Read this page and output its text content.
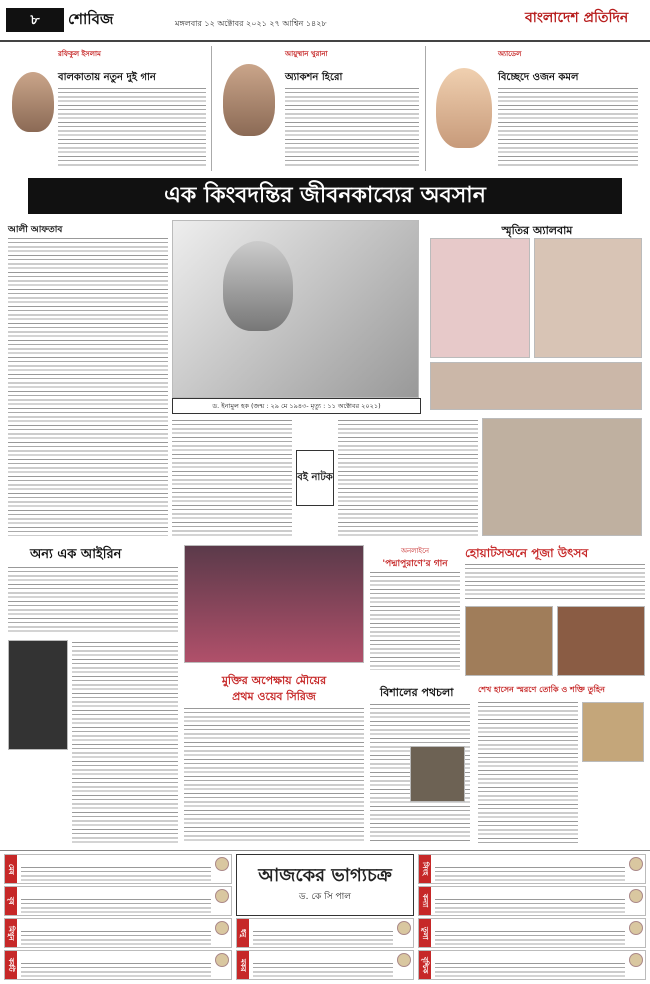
৮	শোবিজ	মঙ্গলবার ১২ অক্টোবর ২০২১ ২৭ আশ্বিন ১৪২৮	বাংলাদেশ প্রতিদিন
রফিকুল ইসলাম
বালকাতায় নতুন দুই গান
আয়ুষ্মান খুরানা
অ্যাকশন হিরো
অ্যাডেল
বিচ্ছেদে ওজন কমল
এক কিংবদন্তির জীবনকাব্যের অবসান
আলী আফতাব
ড. ইনামুল হক (জন্ম : ২৯ মে ১৯৪৩- মৃত্যু : ১১ অক্টোবর ২০২১)
স্মৃতির অ্যালবাম
বই নাটক
অন্য এক আইরিন
মুক্তির অপেক্ষায় মৌয়ের
প্রথম ওয়েব সিরিজ
অনলাইনে
'পদ্মাপুরাণে'র গান
হোয়াটসঅনে পূজা উৎসব
বিশালের পথচলা	শেখ হাসেন স্মরণে তোকি ও শক্তি তুহিন
আজকের ভাগ্যচক্র
ড. কে সি পাল
মেষ
বৃষ
মিথুন
কর্কট
সিংহ
কন্যা
তুলা
বৃশ্চিক
ধনু
মকর
